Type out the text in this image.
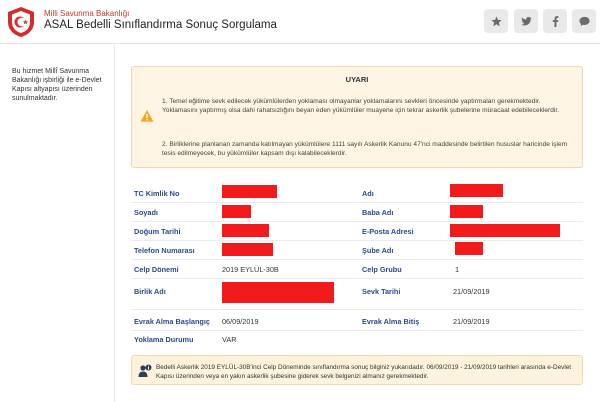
Milli Savunma Bakanlığı
ASAL Bedelli Sınıflandırma Sonuç Sorgulama
Bu hizmet Millî Savunma Bakanlığı işbirliği ile e-Devlet Kapısı altyapısı üzerinden sunulmaktadır.
UYARI
1. Temel eğitime sevk edilecek yükümlülerden yoklaması olmayanlar yoklamalarını sevkleri öncesinde yaptırmaları gerekmektedir. Yoklamasını yaptırmış olsa dahi rahatsızlığını beyan eden yükümlüler muayene için tekrar askerlik şubelerine müracaat edebileceklerdir.
2. Birliklerine planlanan zamanda katılmayan yükümlülere 1111 sayılı Askerlik Kanunu 47'nci maddesinde belirtilen hususlar haricinde işlem tesis edilmeyecek, bu yükümlüler kapsam dışı kalabileceklerdir.
TC Kimlik No	Adı
Soyadı	Baba Adı
Doğum Tarihi	E-Posta Adresi
Telefon Numarası	Şube Adı
Celp Dönemi	2019 EYLÜL-30B	Celp Grubu	1
Birlik Adı	Sevk Tarihi	21/09/2019
Evrak Alma Başlangıç 06/09/2019	Evrak Alma Bitiş	21/09/2019
Yoklama Durumu	VAR
Bedelli Askerlik 2019 EYLÜL-30B'inci Celp Döneminde sınıflandırma sonuç bilginiz yukarıdadır. 06/09/2019 - 21/09/2019 tarihleri arasında e-Devlet Kapısı üzerinden veya en yakın askerlik şubesine giderek sevk belgenizi almanız gerekmektedir.
